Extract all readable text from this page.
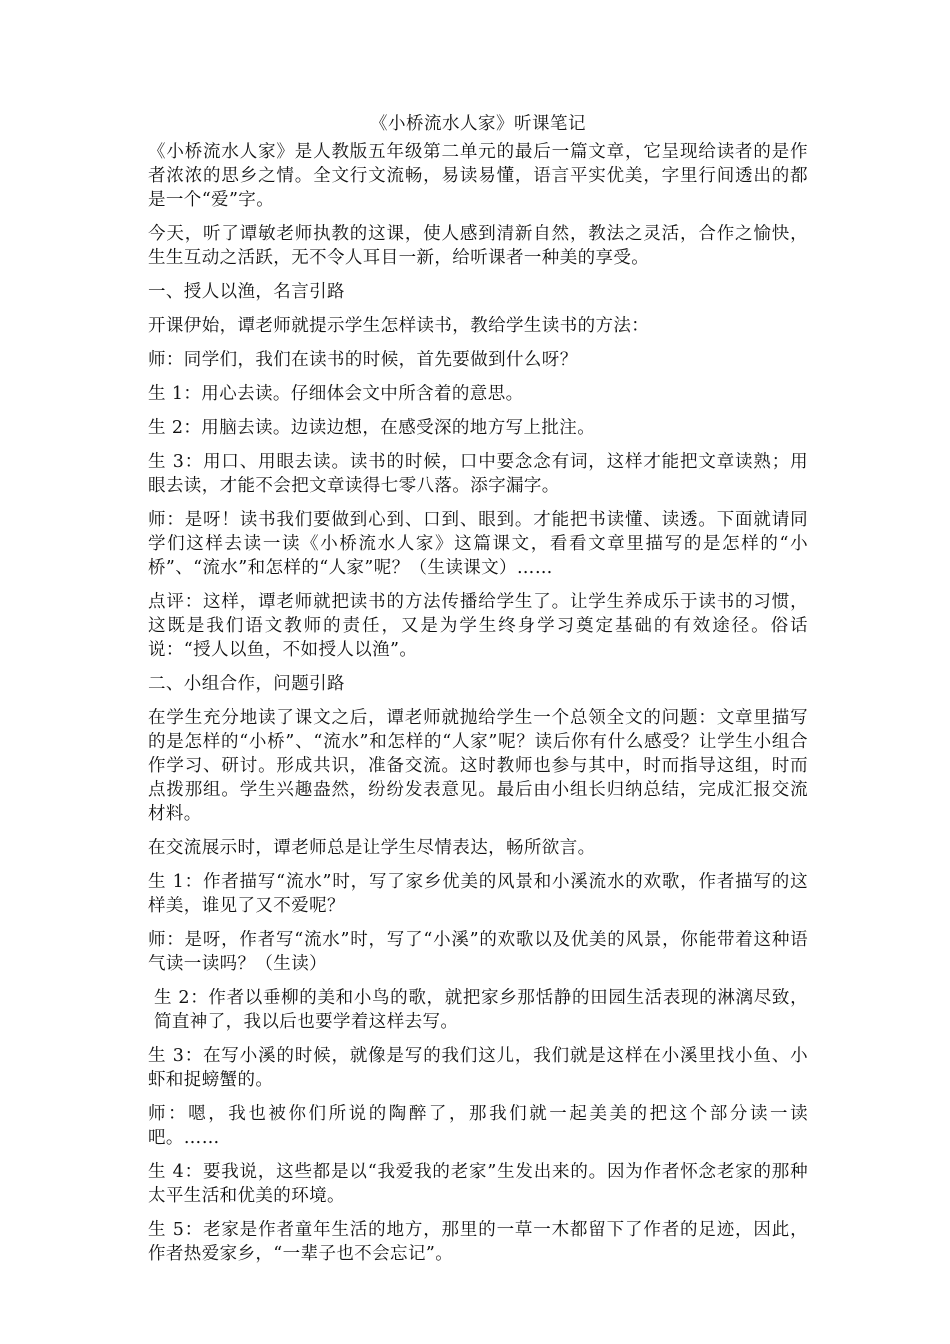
《小桥流水人家》听课笔记
《小桥流水人家》是人教版五年级第二单元的最后一篇文章，它呈现给读者的是作者浓浓的思乡之情。全文行文流畅，易读易懂，语言平实优美，字里行间透出的都是一个“爱”字。
今天，听了谭敏老师执教的这课，使人感到清新自然，教法之灵活，合作之愉快，生生互动之活跃，无不令人耳目一新，给听课者一种美的享受。
一、授人以渔，名言引路
开课伊始，谭老师就提示学生怎样读书，教给学生读书的方法：
师：同学们，我们在读书的时候，首先要做到什么呀？
生 1：用心去读。仔细体会文中所含着的意思。
生 2：用脑去读。边读边想，在感受深的地方写上批注。
生 3：用口、用眼去读。读书的时候，口中要念念有词，这样才能把文章读熟；用眼去读，才能不会把文章读得七零八落。添字漏字。
师：是呀！读书我们要做到心到、口到、眼到。才能把书读懂、读透。下面就请同学们这样去读一读《小桥流水人家》这篇课文，看看文章里描写的是怎样的“小桥”、“流水”和怎样的“人家”呢？（生读课文）……
点评：这样，谭老师就把读书的方法传播给学生了。让学生养成乐于读书的习惯，这既是我们语文教师的责任，又是为学生终身学习奠定基础的有效途径。俗话说：“授人以鱼，不如授人以渔”。
二、小组合作，问题引路
在学生充分地读了课文之后，谭老师就抛给学生一个总领全文的问题：文章里描写的是怎样的“小桥”、“流水”和怎样的“人家”呢？读后你有什么感受？让学生小组合作学习、研讨。形成共识，准备交流。这时教师也参与其中，时而指导这组，时而点拨那组。学生兴趣盎然，纷纷发表意见。最后由小组长归纳总结，完成汇报交流材料。
在交流展示时，谭老师总是让学生尽情表达，畅所欲言。
生 1：作者描写“流水”时，写了家乡优美的风景和小溪流水的欢歌，作者描写的这样美，谁见了又不爱呢？
师：是呀，作者写“流水”时，写了“小溪”的欢歌以及优美的风景，你能带着这种语气读一读吗？（生读）
生 2：作者以垂柳的美和小鸟的歌，就把家乡那恬静的田园生活表现的淋漓尽致，简直神了，我以后也要学着这样去写。
生 3：在写小溪的时候，就像是写的我们这儿，我们就是这样在小溪里找小鱼、小虾和捉螃蟹的。
师：嗯，我也被你们所说的陶醉了，那我们就一起美美的把这个部分读一读吧。……
生 4：要我说，这些都是以“我爱我的老家”生发出来的。因为作者怀念老家的那种太平生活和优美的环境。
生 5：老家是作者童年生活的地方，那里的一草一木都留下了作者的足迹，因此，作者热爱家乡，“一辈子也不会忘记”。
